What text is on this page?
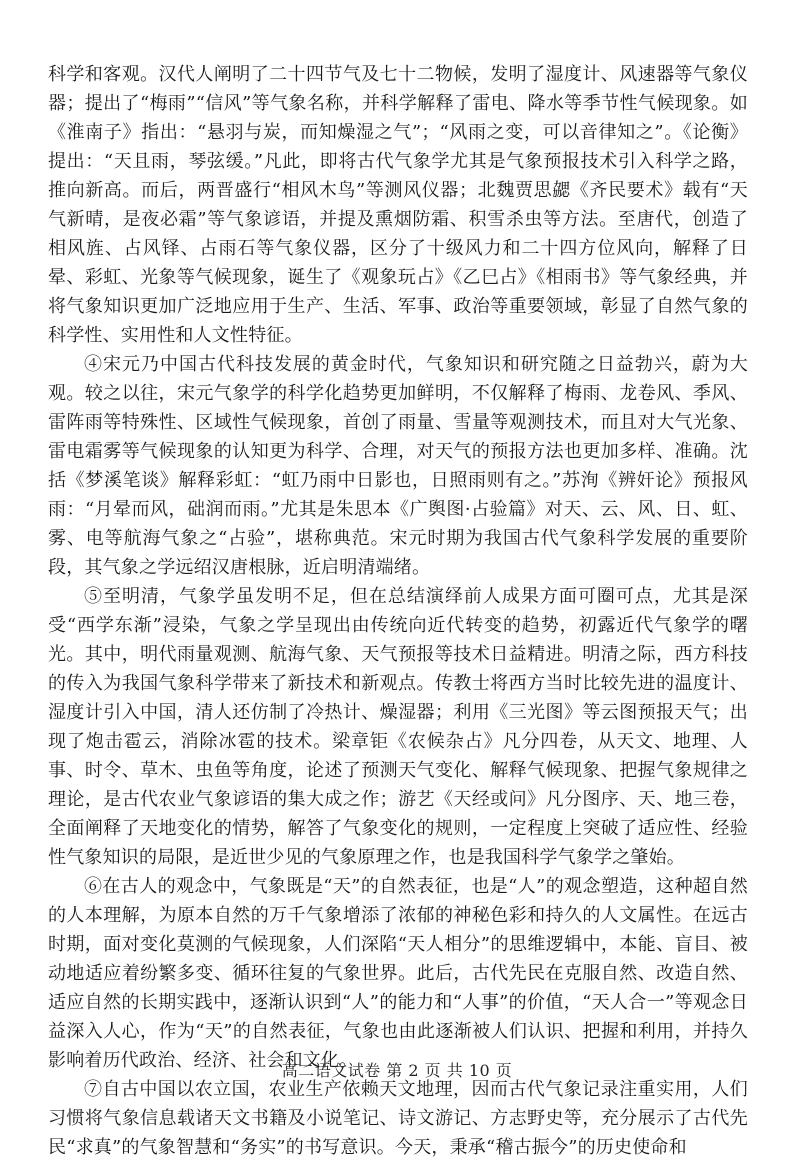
科学和客观。汉代人阐明了二十四节气及七十二物候，发明了湿度计、风速器等气象仪器；提出了“梅雨”“信风”等气象名称，并科学解释了雷电、降水等季节性气候现象。如《淮南子》指出：“悬羽与炭，而知燥湿之气”；“风雨之变，可以音律知之”。《论衡》提出：“天且雨，琴弦缓。”凡此，即将古代气象学尤其是气象预报技术引入科学之路，推向新高。而后，两晋盛行“相风木鸟”等测风仪器；北魏贾思勰《齐民要术》载有“天气新晴，是夜必霜”等气象谚语，并提及熏烟防霜、积雪杀虫等方法。至唐代，创造了相风旌、占风铎、占雨石等气象仪器，区分了十级风力和二十四方位风向，解释了日晕、彩虹、光象等气候现象，诞生了《观象玩占》《乙巳占》《相雨书》等气象经典，并将气象知识更加广泛地应用于生产、生活、军事、政治等重要领域，彰显了自然气象的科学性、实用性和人文性特征。

④宋元乃中国古代科技发展的黄金时代，气象知识和研究随之日益勃兴，蔚为大观。较之以往，宋元气象学的科学化趋势更加鲜明，不仅解释了梅雨、龙卷风、季风、雷阵雨等特殊性、区域性气候现象，首创了雨量、雪量等观测技术，而且对大气光象、雷电霜雾等气候现象的认知更为科学、合理，对天气的预报方法也更加多样、准确。沈括《梦溪笔谈》解释彩虹：“虹乃雨中日影也，日照雨则有之。”苏洵《辨奸论》预报风雨：“月晕而风，础润而雨。”尤其是朱思本《广舆图·占验篇》对天、云、风、日、虹、雾、电等航海气象之“占验”，堪称典范。宋元时期为我国古代气象科学发展的重要阶段，其气象之学远绍汉唐根脉，近启明清端绪。

⑤至明清，气象学虽发明不足，但在总结演绎前人成果方面可圈可点，尤其是深受“西学东渐”浸染，气象之学呈现出由传统向近代转变的趋势，初露近代气象学的曙光。其中，明代雨量观测、航海气象、天气预报等技术日益精进。明清之际，西方科技的传入为我国气象科学带来了新技术和新观点。传教士将西方当时比较先进的温度计、湿度计引入中国，清人还仿制了冷热计、燥湿器；利用《三光图》等云图预报天气；出现了炮击雹云，消除冰雹的技术。梁章钜《农候杂占》凡分四卷，从天文、地理、人事、时令、草木、虫鱼等角度，论述了预测天气变化、解释气候现象、把握气象规律之理论，是古代农业气象谚语的集大成之作；游艺《天经或问》凡分图序、天、地三卷，全面阐释了天地变化的情势，解答了气象变化的规则，一定程度上突破了适应性、经验性气象知识的局限，是近世少见的气象原理之作，也是我国科学气象学之肇始。

⑥在古人的观念中，气象既是“天”的自然表征，也是“人”的观念塑造，这种超自然的人本理解，为原本自然的万千气象增添了浓郁的神秘色彩和持久的人文属性。在远古时期，面对变化莫测的气候现象，人们深陷“天人相分”的思维逻辑中，本能、盲目、被动地适应着纷繁多变、循环往复的气象世界。此后，古代先民在克服自然、改造自然、适应自然的长期实践中，逐渐认识到“人”的能力和“人事”的价值，“天人合一”等观念日益深入人心，作为“天”的自然表征，气象也由此逐渐被人们认识、把握和利用，并持久影响着历代政治、经济、社会和文化。

⑦自古中国以农立国，农业生产依赖天文地理，因而古代气象记录注重实用，人们习惯将气象信息载诸天文书籍及小说笔记、诗文游记、方志野史等，充分展示了古代先民“求真”的气象智慧和“务实”的书写意识。今天，秉承“稽古振今”的历史使命和

高二语文试卷 第 2 页 共 10 页
